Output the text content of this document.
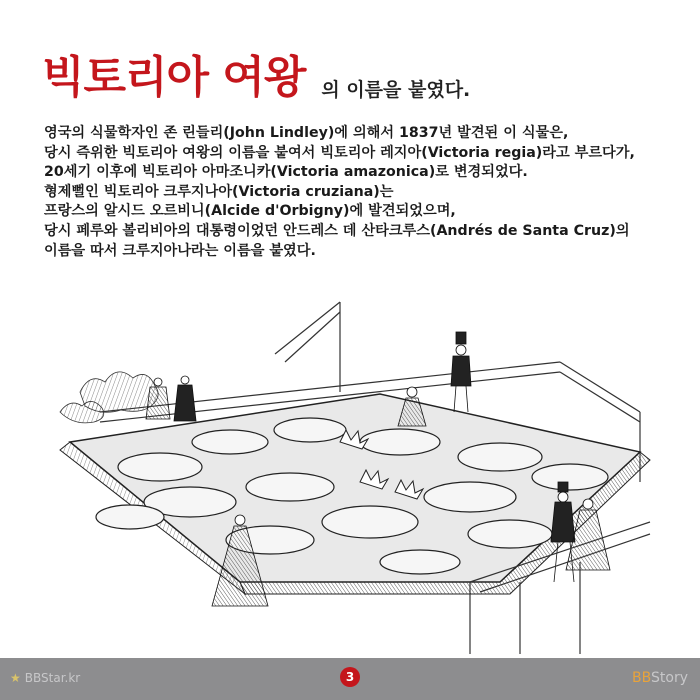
빅토리아 여왕 의 이름을 붙였다.
영국의 식물학자인 존 린들리(John Lindley)에 의해서 1837년 발견된 이 식물은,
당시 즉위한 빅토리아 여왕의 이름을 붙여서 빅토리아 레지아(Victoria regia)라고 부르다가,
20세기 이후에 빅토리아 아마조니카(Victoria amazonica)로 변경되었다.
형제뻘인 빅토리아 크루지나아(Victoria cruziana)는
프랑스의 알시드 오르비니(Alcide d'Orbigny)에 발견되었으며,
당시 페루와 볼리비아의 대통령이었던 안드레스 데 산타크루스(Andrés de Santa Cruz)의
이름을 따서 크루지아나라는 이름을 붙였다.
★ BBStar.kr	3	BBStory
